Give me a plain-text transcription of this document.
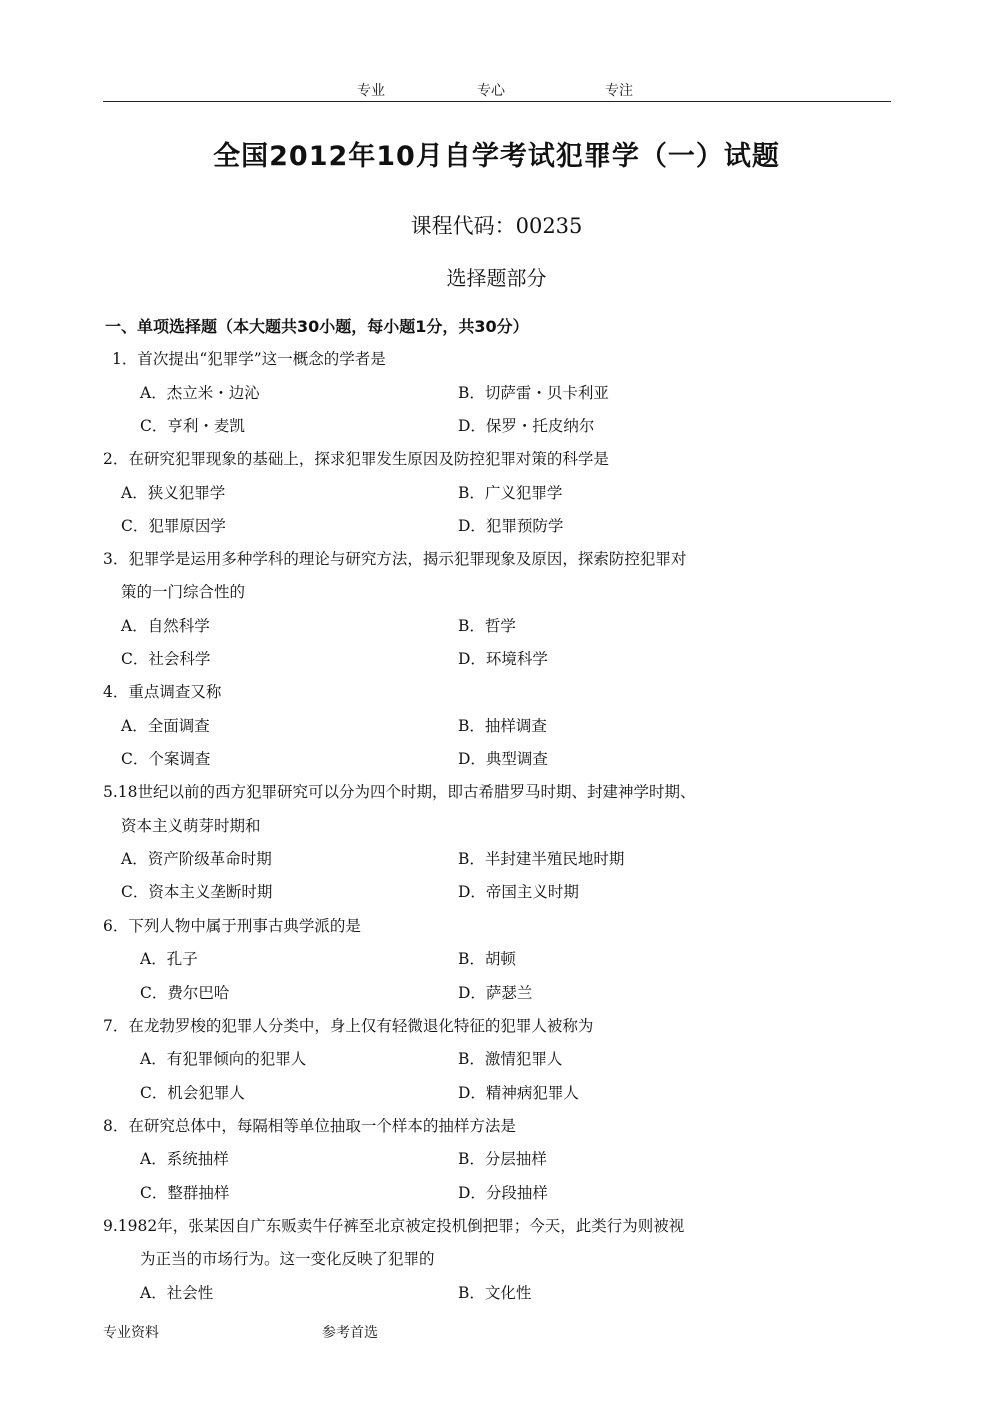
专业	专心	专注
全国2012年10月自学考试犯罪学（一）试题
课程代码：00235
选择题部分
一、单项选择题（本大题共30小题，每小题1分，共30分）
1．首次提出“犯罪学”这一概念的学者是
A．杰立米・边沁	B．切萨雷・贝卡利亚
C．亨利・麦凯	D．保罗・托皮纳尔
2．在研究犯罪现象的基础上，探求犯罪发生原因及防控犯罪对策的科学是
A．狭义犯罪学	B．广义犯罪学
C．犯罪原因学	D．犯罪预防学
3．犯罪学是运用多种学科的理论与研究方法，揭示犯罪现象及原因，探索防控犯罪对
策的一门综合性的
A．自然科学	B．哲学
C．社会科学	D．环境科学
4．重点调查又称
A．全面调查	B．抽样调查
C．个案调查	D．典型调查
5.18世纪以前的西方犯罪研究可以分为四个时期，即古希腊罗马时期、封建神学时期、
资本主义萌芽时期和
A．资产阶级革命时期	B．半封建半殖民地时期
C．资本主义垄断时期	D．帝国主义时期
6．下列人物中属于刑事古典学派的是
A．孔子	B．胡顿
C．费尔巴哈	D．萨瑟兰
7．在龙勃罗梭的犯罪人分类中，身上仅有轻微退化特征的犯罪人被称为
A．有犯罪倾向的犯罪人	B．激情犯罪人
C．机会犯罪人	D．精神病犯罪人
8．在研究总体中，每隔相等单位抽取一个样本的抽样方法是
A．系统抽样	B．分层抽样
C．整群抽样	D．分段抽样
9.1982年，张某因自广东贩卖牛仔裤至北京被定投机倒把罪；今天，此类行为则被视
为正当的市场行为。这一变化反映了犯罪的
A．社会性	B．文化性
专业资料	参考首选
